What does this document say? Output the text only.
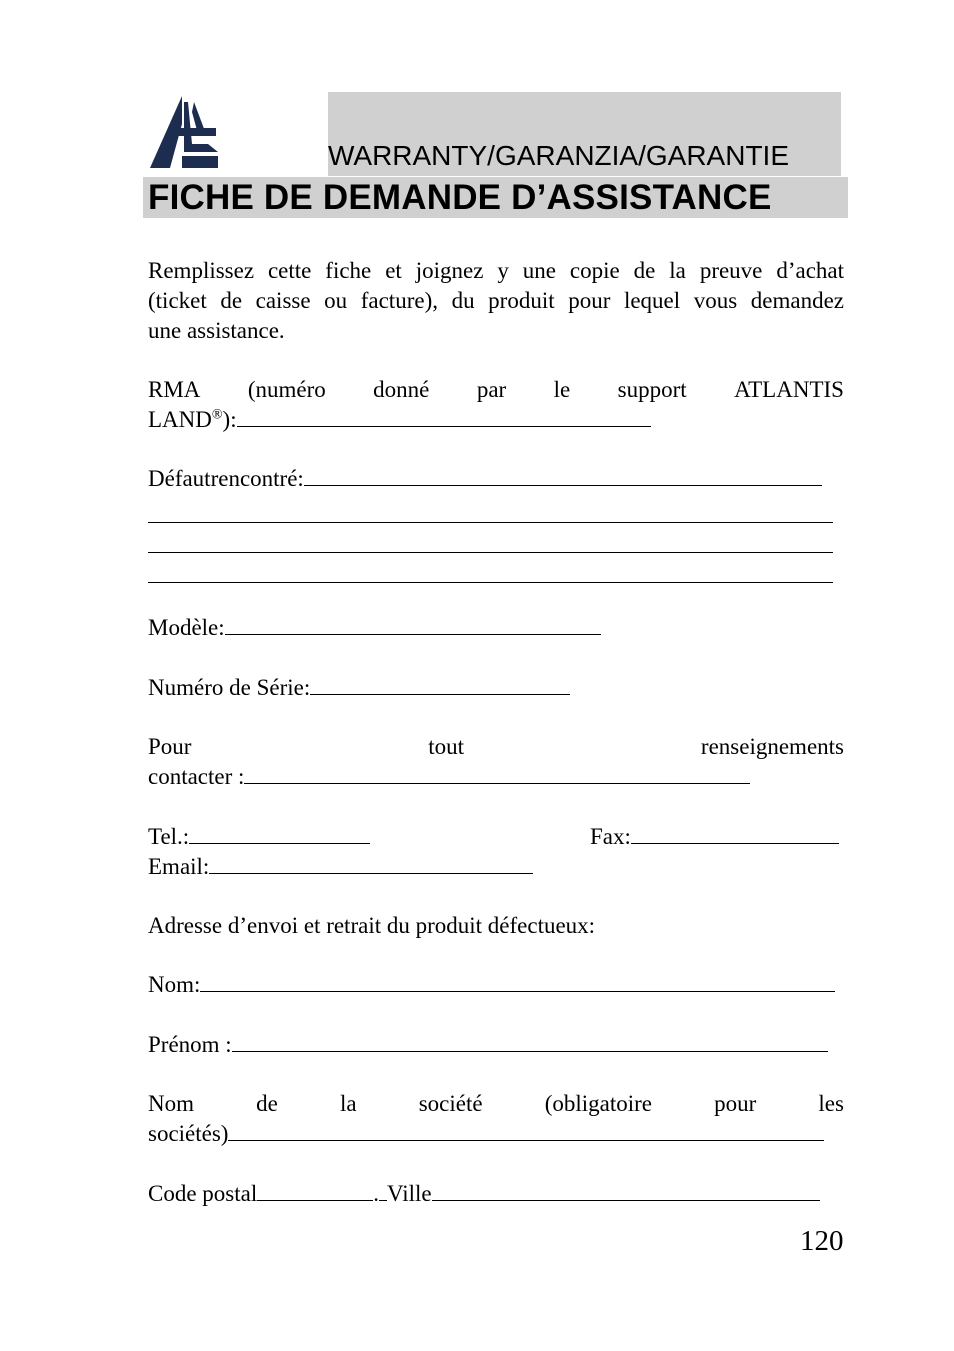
WARRANTY/GARANZIA/GARANTIE
FICHE DE DEMANDE D’ASSISTANCE
Remplissez cette fiche et joignez y une copie de la preuve d’achat
(ticket de caisse ou facture), du produit pour lequel vous demandez
une assistance.
RMA (numéro donné par le support ATLANTIS
LAND®):
Défautrencontré:
Modèle:
Numéro de Série:
Pour	tout	renseignements
contacter :
Tel.:	Fax:
Email:
Adresse d’envoi et retrait du produit défectueux:
Nom:
Prénom :
Nom	de	la	société	(obligatoire	pour	les
sociétés)
Code postal	. Ville
120
